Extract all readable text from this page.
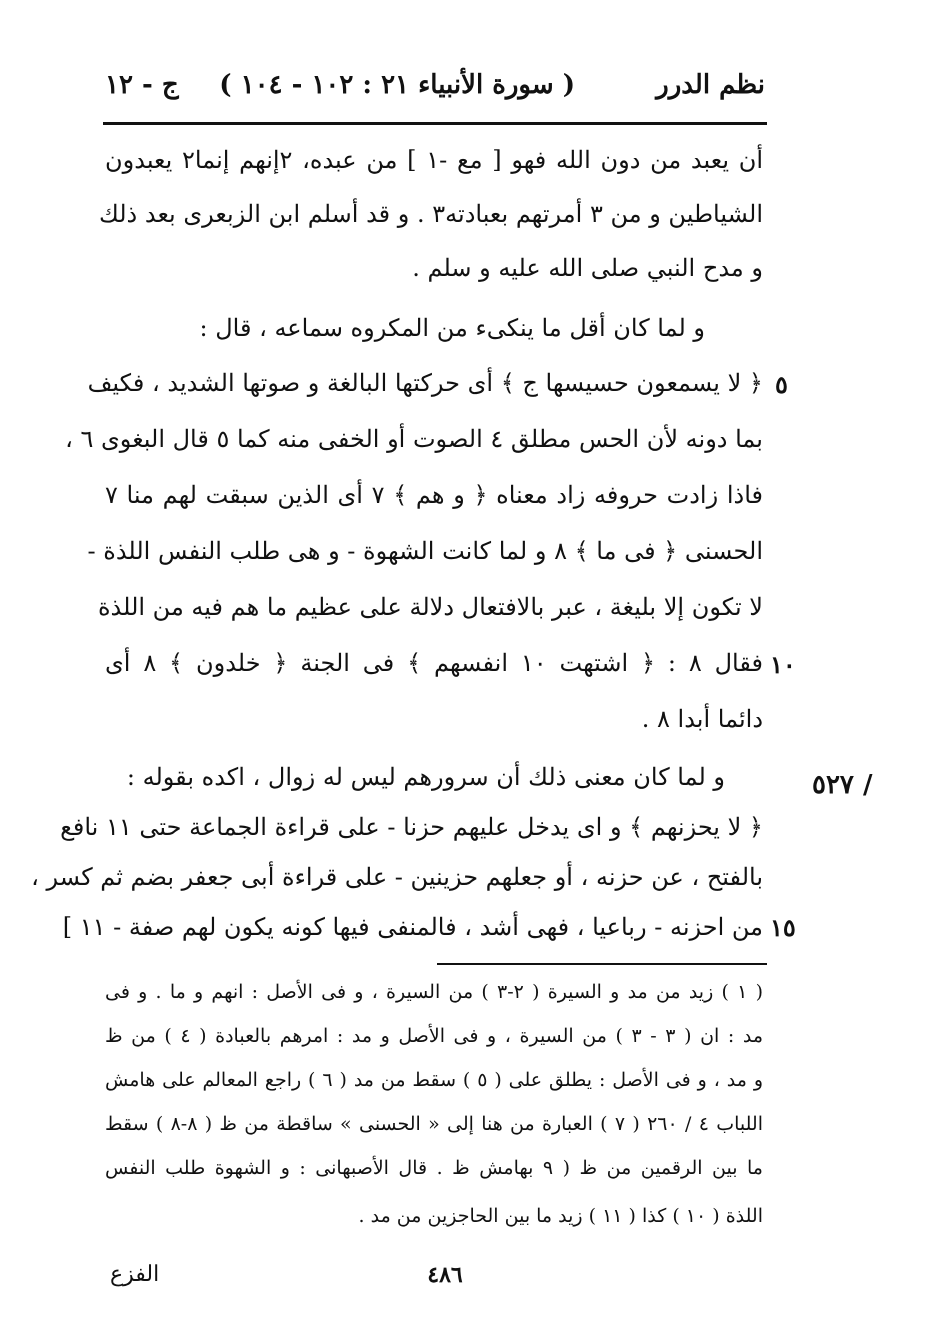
نظم الدرر
( سورة الأنبياء ٢١ : ١٠٢ - ١٠٤ )
ج - ١٢
أن يعبد من دون الله فهو [ مع -١ ] من عبده، ٢إنهم إنما٢ يعبدون
الشياطين و من ٣ أمرتهم بعبادته٣ . و قد أسلم ابن الزبعرى بعد ذلك
و مدح النبي صلى الله عليه و سلم .
و لما كان أقل ما ينكىء من المكروه سماعه ، قال :
﴿ لا يسمعون حسيسها ج ﴾ أى حركتها البالغة و صوتها الشديد ، فكيف
بما دونه لأن الحس مطلق ٤ الصوت أو الخفى منه كما ٥ قال البغوى ٦ ،
فاذا زادت حروفه زاد معناه ﴿ و هم ﴾ ٧ أى الذين سبقت لهم منا ٧
الحسنى ﴿ فى ما ﴾ ٨ و لما كانت الشهوة - و هى طلب النفس اللذة -
لا تكون إلا بليغة ، عبر بالافتعال دلالة على عظيم ما هم فيه من اللذة
فقال ٨ : ﴿ اشتهت ١٠ انفسهم ﴾ فى الجنة ﴿ خلدون ﴾ ٨ أى
دائما أبدا ٨ .
و لما كان معنى ذلك أن سرورهم ليس له زوال ، اكده بقوله :
﴿ لا يحزنهم ﴾ و اى يدخل عليهم حزنا - على قراءة الجماعة حتى ١١ نافع
بالفتح ، عن حزنه ، أو جعلهم حزينين - على قراءة أبى جعفر بضم ثم كسر ،
من احزنه - رباعيا ، فهى أشد ، فالمنفى فيها كونه يكون لهم صفة - ١١ ]
٥
١٠
١٥
٥٢٧ /
( ١ ) زيد من مد و السيرة ( ٢-٣ ) من السيرة ، و فى الأصل : انهم و ما . و فى
مد : ان ( ٣ - ٣ ) من السيرة ، و فى الأصل و مد : امرهم بالعبادة ( ٤ ) من ظ
و مد ، و فى الأصل : يطلق على ( ٥ ) سقط من مد ( ٦ ) راجع المعالم على هامش
اللباب ٤ / ٢٦٠ ( ٧ ) العبارة من هنا إلى « الحسنى » ساقطة من ظ ( ٨-٨ ) سقط
ما بين الرقمين من ظ ( ٩ بهامش ظ . قال الأصبهانى : و الشهوة طلب النفس
اللذة ( ١٠ ) كذا ( ١١ ) زيد ما بين الحاجزين من مد .
٤٨٦
الفزع
